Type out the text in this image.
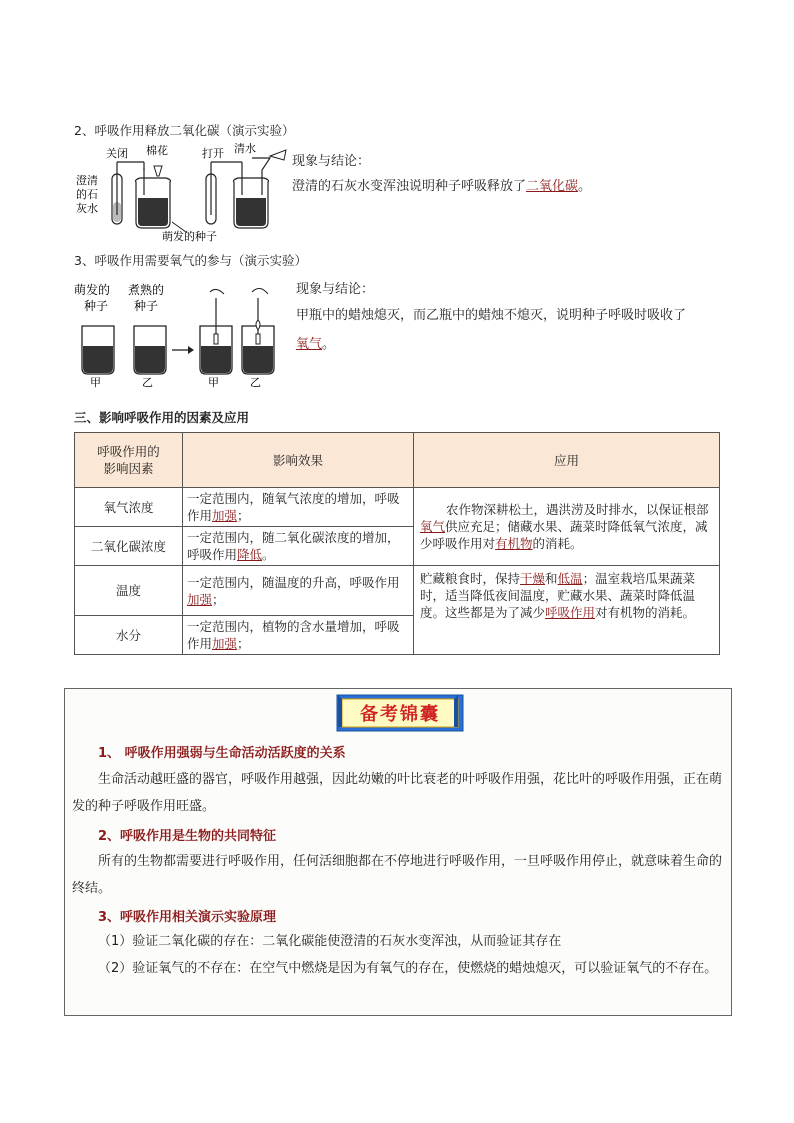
2、呼吸作用释放二氧化碳（演示实验）
关闭 棉花
澄清
的石
灰水
打开 清水
萌发的种子
现象与结论：
澄清的石灰水变浑浊说明种子呼吸释放了二氧化碳。
3、呼吸作用需要氧气的参与（演示实验）
萌发的 煮熟的
种子 种子
甲	乙	甲	乙
现象与结论：
甲瓶中的蜡烛熄灭，而乙瓶中的蜡烛不熄灭，说明种子呼吸时吸收了
氧气。
三、影响呼吸作用的因素及应用
呼吸作用的
影响因素	影响效果	应用
氧气浓度	一定范围内，随氧气浓度的增加，呼吸作用加强；	农作物深耕松土，遇洪涝及时排水，以保证根部氧气供应充足；储藏水果、蔬菜时降低氧气浓度，减少呼吸作用对有机物的消耗。
二氧化碳浓度	一定范围内，随二氧化碳浓度的增加，呼吸作用降低。	
温度	一定范围内，随温度的升高，呼吸作用加强；	贮藏粮食时，保持干燥和低温；温室栽培瓜果蔬菜时，适当降低夜间温度，贮藏水果、蔬菜时降低温度。这些都是为了减少呼吸作用对有机物的消耗。
水分	一定范围内，植物的含水量增加，呼吸作用加强；	
备考锦囊
1、 呼吸作用强弱与生命活动活跃度的关系
生命活动越旺盛的器官，呼吸作用越强，因此幼嫩的叶比衰老的叶呼吸作用强，花比叶的呼吸作用强，正在萌发的种子呼吸作用旺盛。
2、呼吸作用是生物的共同特征
所有的生物都需要进行呼吸作用，任何活细胞都在不停地进行呼吸作用，一旦呼吸作用停止，就意味着生命的终结。
3、呼吸作用相关演示实验原理
（1）验证二氧化碳的存在：二氧化碳能使澄清的石灰水变浑浊，从而验证其存在
（2）验证氧气的不存在：在空气中燃烧是因为有氧气的存在，使燃烧的蜡烛熄灭，可以验证氧气的不存在。
